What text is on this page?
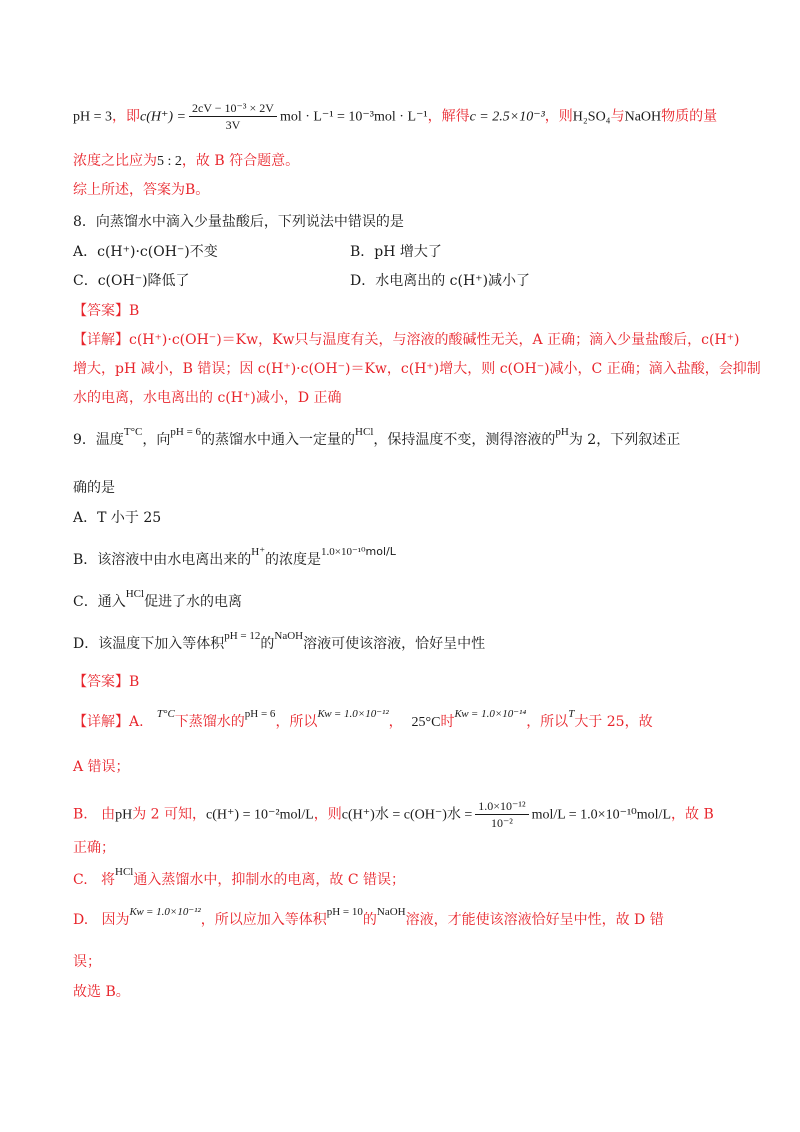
pH = 3，即$c(H^+) = \frac{\text{2cV − 10⁻³ × 2V}}{3V}$ mol · L⁻¹ = 10⁻³mol · L⁻¹，解得c = 2.5×10⁻³，则H₂SO₄与NaOH物质的量
浓度之比应为5 : 2，故 B 符合题意。
综上所述，答案为B。
8．向蒸馏水中滴入少量盐酸后，下列说法中错误的是
A．c(H⁺)·c(OH⁻)不变	B．pH 增大了
C．c(OH⁻)降低了	D．水电离出的 c(H⁺)减小了
【答案】B
【详解】c(H⁺)·c(OH⁻)＝Kᴡ，Kᴡ只与温度有关，与溶液的酸碱性无关，A 正确；滴入少量盐酸后，c(H⁺)
增大，pH 减小，B 错误；因 c(H⁺)·c(OH⁻)＝Kᴡ，c(H⁺)增大，则 c(OH⁻)减小，C 正确；滴入盐酸，会抑制
水的电离，水电离出的 c(H⁺)减小，D 正确
9．温度$^{T^\circ C}$，向$^{pH = 6}$的蒸馏水中通入一定量的$^{HCl}$，保持温度不变，测得溶液的$^{pH}$为 2，下列叙述正
确的是
A．T 小于 25
B．该溶液中由水电离出来的$^{H^+}$的浓度是$^{1.0\times 10^{-10}mol/L}$
C．通入$^{HCl}$促进了水的电离
D．该温度下加入等体积$^{pH = 12}$的$^{NaOH}$溶液可使该溶液，恰好呈中性
【答案】B
【详解】A. $^{T^\circ C}$下蒸馏水的$^{pH = 6}$，所以$^{Kᴡ = 1.0\times 10^{-12}}$， 25°C时$^{Kᴡ = 1.0\times 10^{-14}}$，所以$^T$大于 25，故
A 错误；
B. 由pH为 2 可知，c(H⁺) = 10⁻²mol/L，则c(H⁺)水 = c(OH⁻)水 = $\frac{\text{1.0×10⁻¹²}}{\text{10⁻²}} mol/L = 1.0\times 10^{-10}mol/L$，故 B
正确；
C. 将$^{HCl}$通入蒸馏水中，抑制水的电离，故 C 错误；
D. 因为$^{Kᴡ = 1.0\times 10^{-12}}$，所以应加入等体积$^{pH = 10}$的$^{NaOH}$溶液，才能使该溶液恰好呈中性，故 D 错
误；
故选 B。
